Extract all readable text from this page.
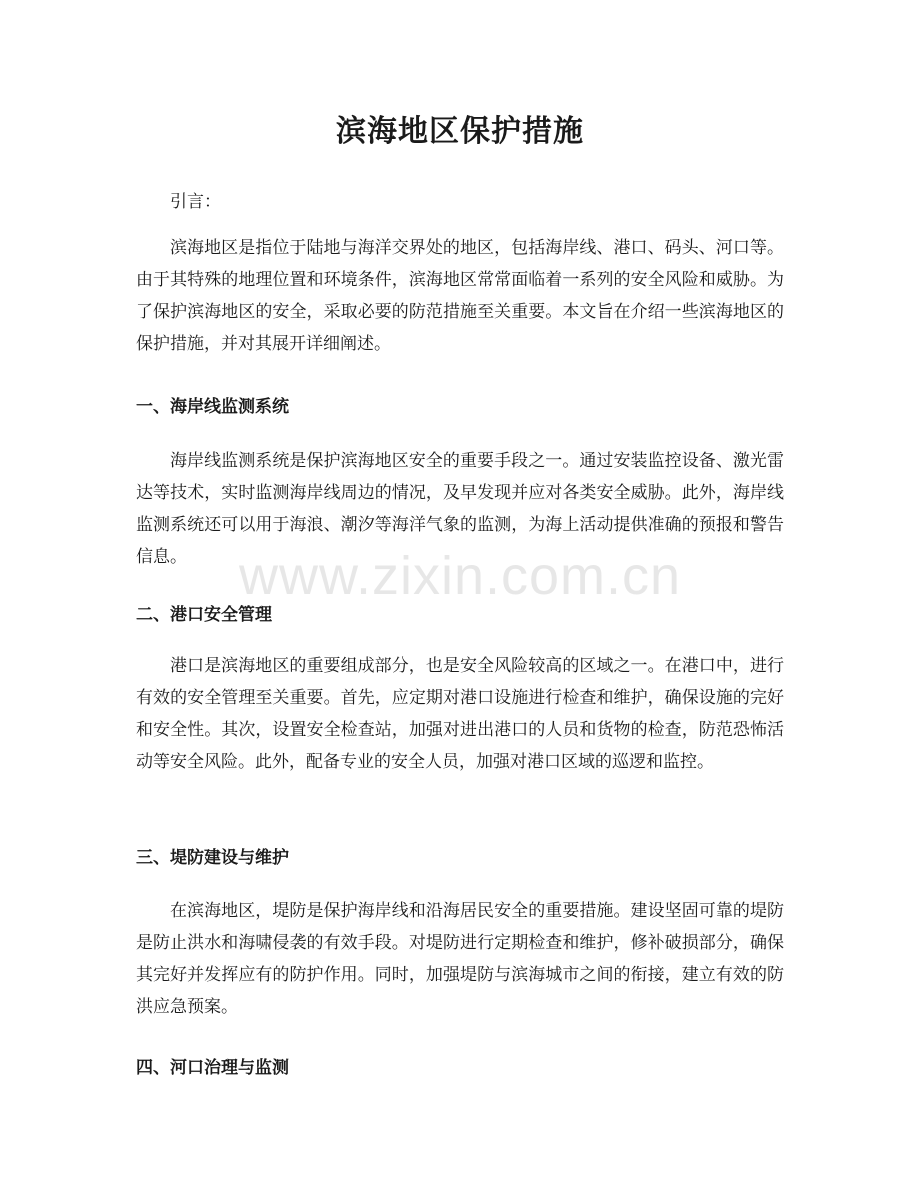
滨海地区保护措施

引言：

滨海地区是指位于陆地与海洋交界处的地区，包括海岸线、港口、码头、河口等。由于其特殊的地理位置和环境条件，滨海地区常常面临着一系列的安全风险和威胁。为了保护滨海地区的安全，采取必要的防范措施至关重要。本文旨在介绍一些滨海地区的保护措施，并对其展开详细阐述。

一、海岸线监测系统

海岸线监测系统是保护滨海地区安全的重要手段之一。通过安装监控设备、激光雷达等技术，实时监测海岸线周边的情况，及早发现并应对各类安全威胁。此外，海岸线监测系统还可以用于海浪、潮汐等海洋气象的监测，为海上活动提供准确的预报和警告信息。

二、港口安全管理

港口是滨海地区的重要组成部分，也是安全风险较高的区域之一。在港口中，进行有效的安全管理至关重要。首先，应定期对港口设施进行检查和维护，确保设施的完好和安全性。其次，设置安全检查站，加强对进出港口的人员和货物的检查，防范恐怖活动等安全风险。此外，配备专业的安全人员，加强对港口区域的巡逻和监控。

三、堤防建设与维护

在滨海地区，堤防是保护海岸线和沿海居民安全的重要措施。建设坚固可靠的堤防是防止洪水和海啸侵袭的有效手段。对堤防进行定期检查和维护，修补破损部分，确保其完好并发挥应有的防护作用。同时，加强堤防与滨海城市之间的衔接，建立有效的防洪应急预案。

四、河口治理与监测
www.zixin.com.cn
